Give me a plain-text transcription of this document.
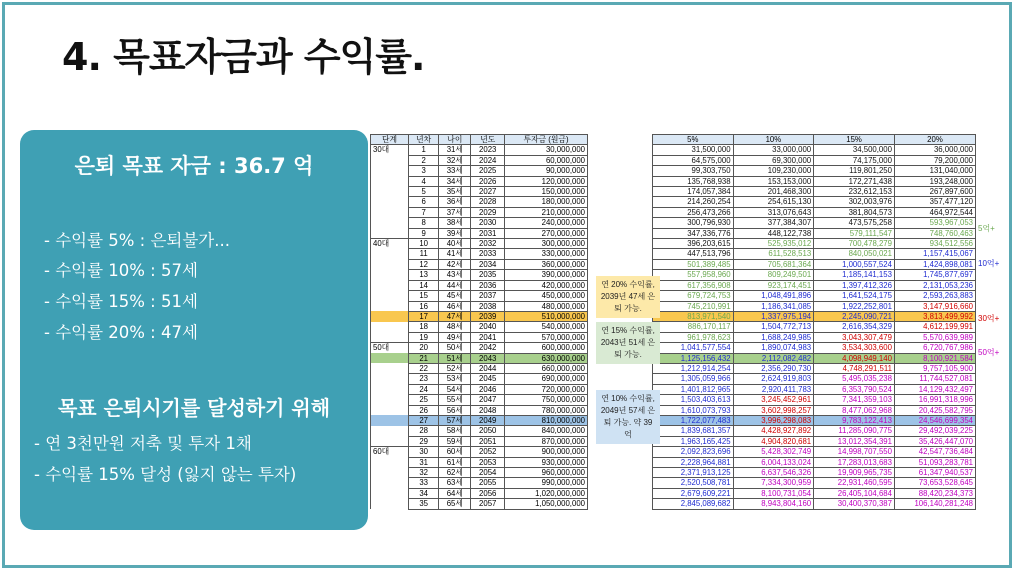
4. 목표자금과 수익률.
은퇴 목표 자금 : 36.7 억
- 수익률 5% : 은퇴불가...
- 수익률 10% : 57세
- 수익률 15% : 51세
- 수익률 20% : 47세
목표 은퇴시기를 달성하기 위해
- 연 3천만원 저축 및 투자 1채
- 수익률 15% 달성 (잃지 않는 투자)
단계	년차	나이	년도	투자금 (원금)
30대	1	31세	2023	30,000,000
	2	32세	2024	60,000,000
	3	33세	2025	90,000,000
	4	34세	2026	120,000,000
	5	35세	2027	150,000,000
	6	36세	2028	180,000,000
	7	37세	2029	210,000,000
	8	38세	2030	240,000,000
	9	39세	2031	270,000,000
40대	10	40세	2032	300,000,000
	11	41세	2033	330,000,000
	12	42세	2034	360,000,000
	13	43세	2035	390,000,000
	14	44세	2036	420,000,000
	15	45세	2037	450,000,000
	16	46세	2038	480,000,000
	17	47세	2039	510,000,000
	18	48세	2040	540,000,000
	19	49세	2041	570,000,000
50대	20	50세	2042	600,000,000
	21	51세	2043	630,000,000
	22	52세	2044	660,000,000
	23	53세	2045	690,000,000
	24	54세	2046	720,000,000
	25	55세	2047	750,000,000
	26	56세	2048	780,000,000
	27	57세	2049	810,000,000
	28	58세	2050	840,000,000
	29	59세	2051	870,000,000
60대	30	60세	2052	900,000,000
	31	61세	2053	930,000,000
	32	62세	2054	960,000,000
	33	63세	2055	990,000,000
	34	64세	2056	1,020,000,000
	35	65세	2057	1,050,000,000
5%	10%	15%	20%
31,500,000	33,000,000	34,500,000	36,000,000
64,575,000	69,300,000	74,175,000	79,200,000
99,303,750	109,230,000	119,801,250	131,040,000
135,768,938	153,153,000	172,271,438	193,248,000
174,057,384	201,468,300	232,612,153	267,897,600
214,260,254	254,615,130	302,003,976	357,477,120
256,473,266	313,076,643	381,804,573	464,972,544
300,796,930	377,384,307	473,575,258	593,967,053
347,336,776	448,122,738	579,111,547	748,760,463
396,203,615	525,935,012	700,478,279	934,512,556
447,513,796	611,528,513	840,050,021	1,157,415,067
501,389,485	705,681,364	1,000,557,524	1,424,898,081
557,958,960	809,249,501	1,185,141,153	1,745,877,697
617,356,908	923,174,451	1,397,412,326	2,131,053,236
679,724,753	1,048,491,896	1,641,524,175	2,593,263,883
745,210,991	1,186,341,085	1,922,252,801	3,147,916,660
813,971,540	1,337,975,194	2,245,090,721	3,813,499,992
886,170,117	1,504,772,713	2,616,354,329	4,612,199,991
961,978,623	1,688,249,985	3,043,307,479	5,570,639,989
1,041,577,554	1,890,074,983	3,534,303,600	6,720,767,986
1,125,156,432	2,112,082,482	4,098,949,140	8,100,921,584
1,212,914,254	2,356,290,730	4,748,291,511	9,757,105,900
1,305,059,966	2,624,919,803	5,495,035,238	11,744,527,081
1,401,812,965	2,920,411,783	6,353,790,524	14,129,432,497
1,503,403,613	3,245,452,961	7,341,359,103	16,991,318,996
1,610,073,793	3,602,998,257	8,477,062,968	20,425,582,795
1,722,077,483	3,996,298,083	9,783,122,413	24,546,699,354
1,839,681,357	4,428,927,892	11,285,090,775	29,492,039,225
1,963,165,425	4,904,820,681	13,012,354,391	35,426,447,070
2,092,823,696	5,428,302,749	14,998,707,550	42,547,736,484
2,228,964,881	6,004,133,024	17,283,013,683	51,093,283,781
2,371,913,125	6,637,546,326	19,909,965,735	61,347,940,537
2,520,508,781	7,334,300,959	22,931,460,595	73,653,528,645
2,679,609,221	8,100,731,054	26,405,104,684	88,420,234,373
2,845,089,682	8,943,804,160	30,400,370,387	106,140,281,248
연 20% 수익률, 2039년 47세 은퇴 가능.
연 15% 수익률, 2043년 51세 은퇴 가능.
연 10% 수익률, 2049년 57세 은퇴 가능. 약 39억
5억+
10억+
30억+
50억+
